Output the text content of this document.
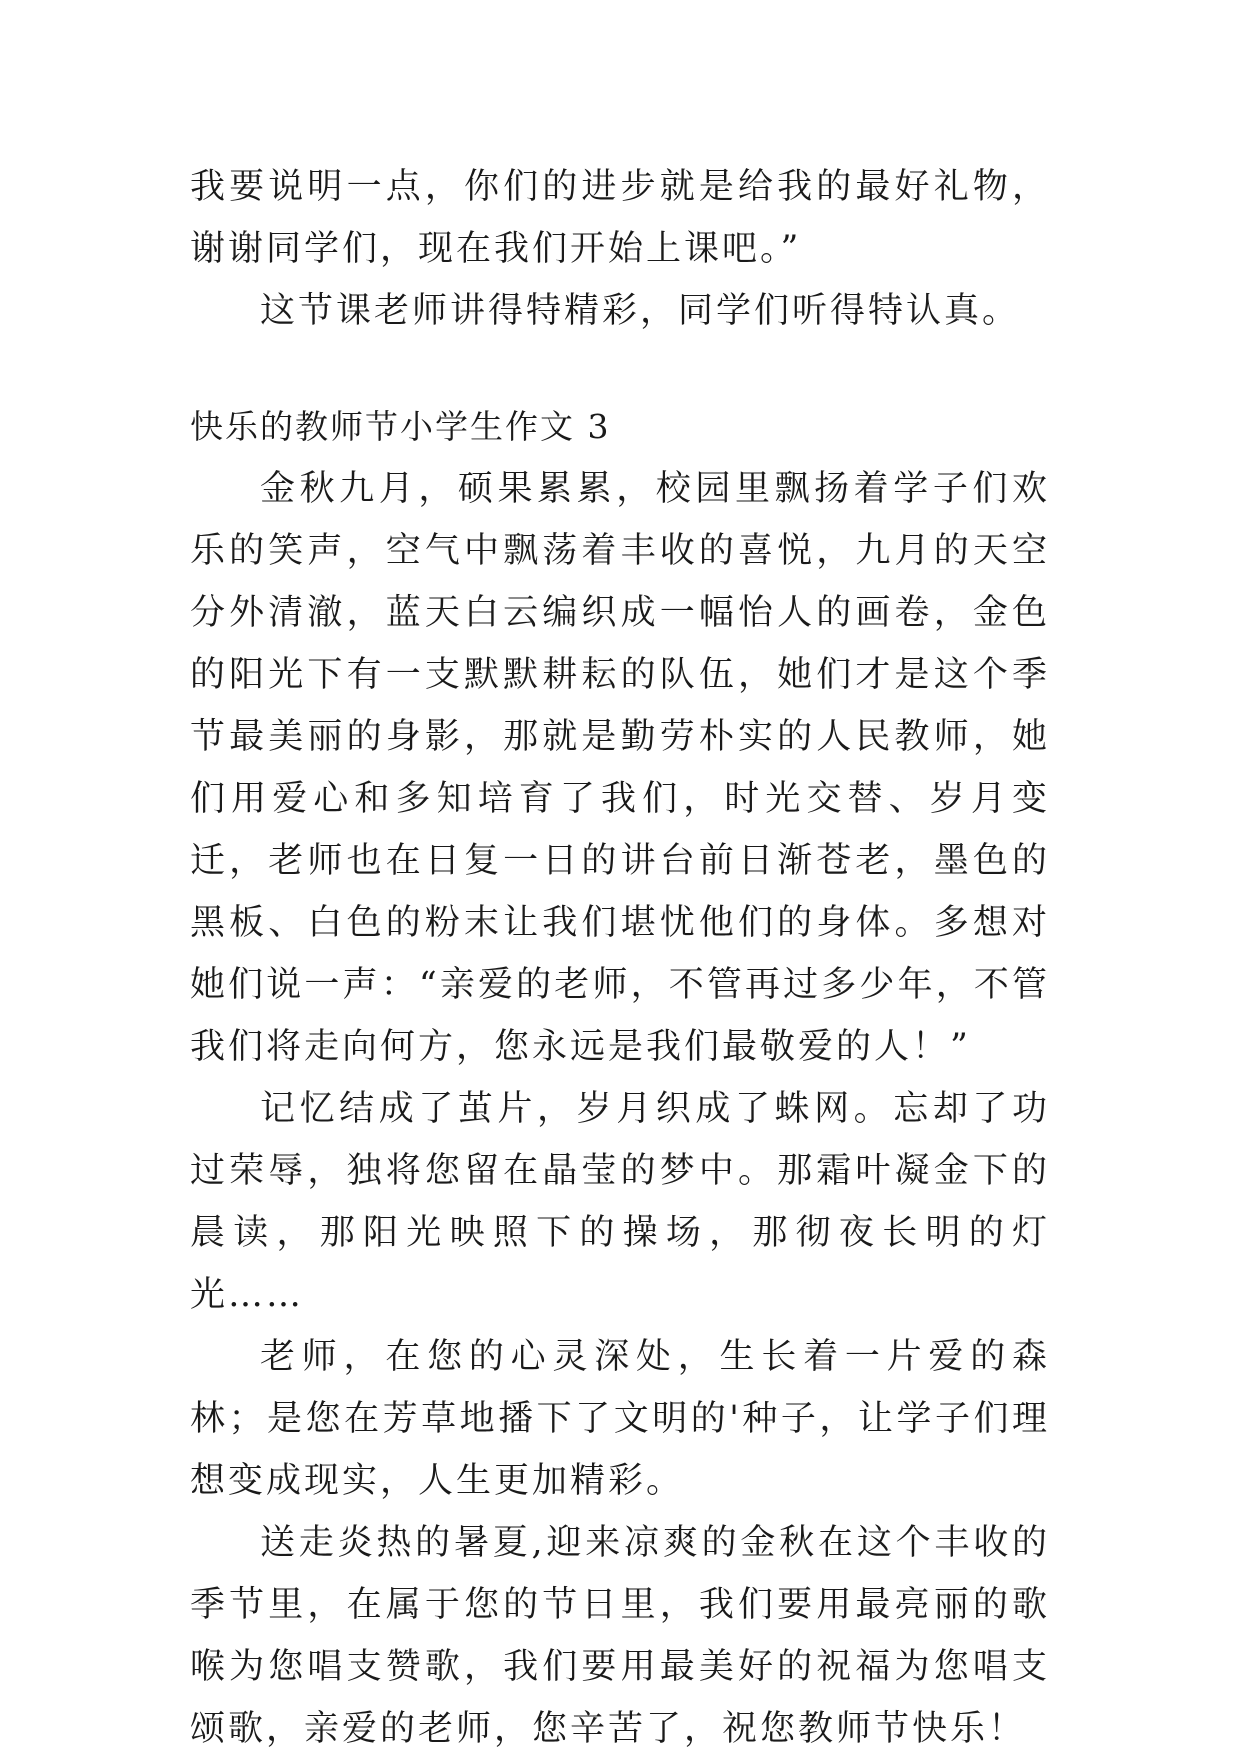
我要说明一点，你们的进步就是给我的最好礼物，谢谢同学们，现在我们开始上课吧。”

这节课老师讲得特精彩，同学们听得特认真。

快乐的教师节小学生作文 3

金秋九月，硕果累累，校园里飘扬着学子们欢乐的笑声，空气中飘荡着丰收的喜悦，九月的天空分外清澈，蓝天白云编织成一幅怡人的画卷，金色的阳光下有一支默默耕耘的队伍，她们才是这个季节最美丽的身影，那就是勤劳朴实的人民教师，她们用爱心和多知培育了我们，时光交替、岁月变迁，老师也在日复一日的讲台前日渐苍老，墨色的黑板、白色的粉末让我们堪忧他们的身体。多想对她们说一声：“亲爱的老师，不管再过多少年，不管我们将走向何方，您永远是我们最敬爱的人！”

记忆结成了茧片，岁月织成了蛛网。忘却了功过荣辱，独将您留在晶莹的梦中。那霜叶凝金下的晨读，那阳光映照下的操场，那彻夜长明的灯光……

老师，在您的心灵深处，生长着一片爱的森林；是您在芳草地播下了文明的'种子，让学子们理想变成现实，人生更加精彩。

送走炎热的暑夏,迎来凉爽的金秋在这个丰收的季节里，在属于您的节日里，我们要用最亮丽的歌喉为您唱支赞歌，我们要用最美好的祝福为您唱支颂歌，亲爱的老师，您辛苦了，祝您教师节快乐！
